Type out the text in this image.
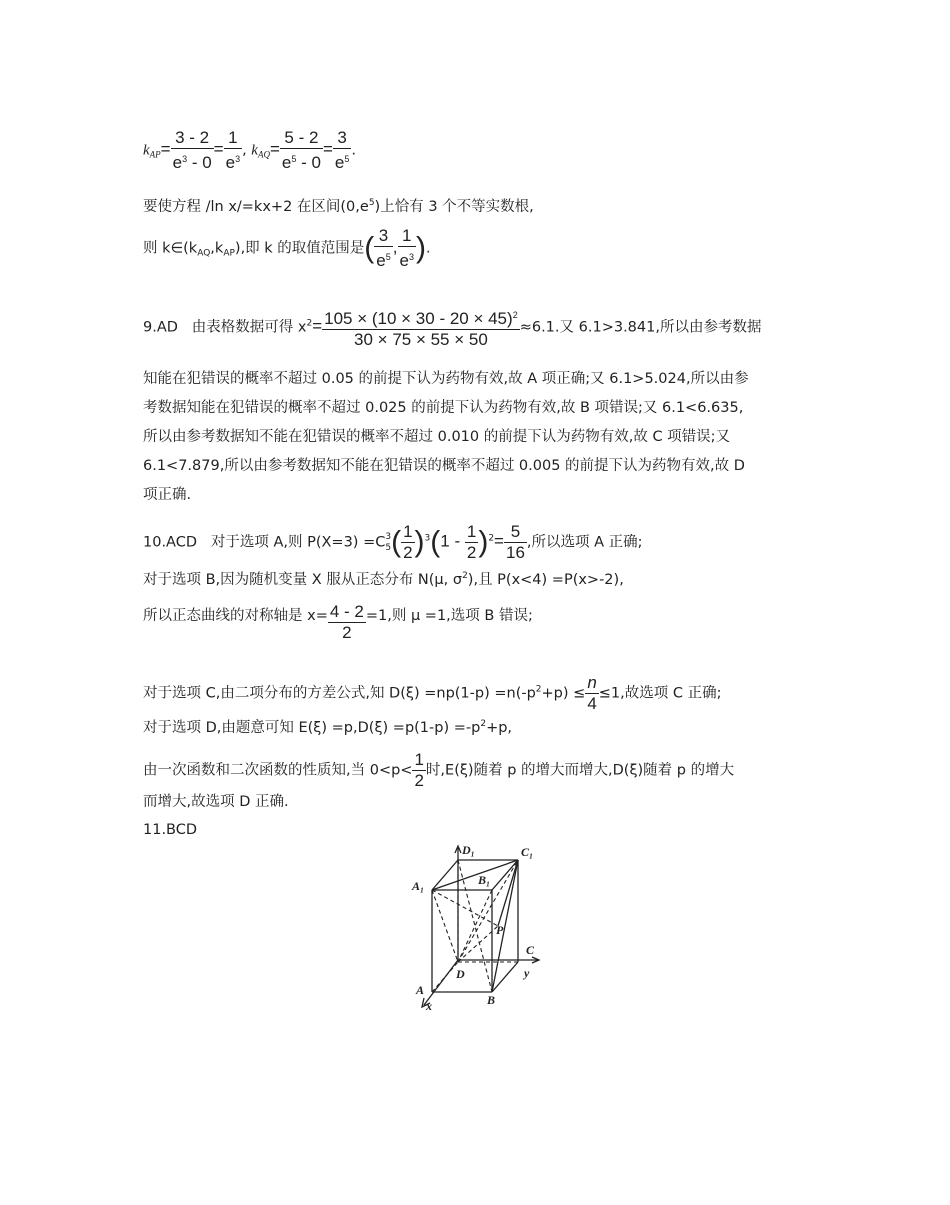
$k_{AP}= \frac{3 - 2}{e^3 - 0} = \frac{1}{e^3}$ , $k_{AQ}= \frac{5 - 2}{e^5 - 0} = \frac{3}{e^5}$ .
要使方程 /ln x/=kx+2 在区间$(0,e^5)$上恰有 3 个不等实数根,
则 $k\in(k_{AQ},k_{AP})$,即 k 的取值范围是( $\frac{3}{e^5}$ , $\frac{1}{e^3}$ ).
9.AD 由表格数据可得 $x^2= \frac{105 \times (10 \times 30 - 20 \times 45)^2}{30 \times 75 \times 55 \times 50} \approx 6.1$.又 6.1>3.841,所以由参考数据
知能在犯错误的概率不超过 0.05 的前提下认为药物有效,故 A 项正确;又 6.1>5.024,所以由参
考数据知能在犯错误的概率不超过 0.025 的前提下认为药物有效,故 B 项错误;又 6.1<6.635,
所以由参考数据知不能在犯错误的概率不超过 0.010 的前提下认为药物有效,故 C 项错误;又
6.1<7.879,所以由参考数据知不能在犯错误的概率不超过 0.005 的前提下认为药物有效,故 D
项正确.
10.ACD 对于选项 A,则 P(X=3) =C 3
5 ( $\frac{1}{2} )^3(1 - \frac{1}{2} )^2= \frac{5}{16}$ ,所以选项 A 正确;
对于选项 B,因为随机变量 X 服从正态分布 N(μ, $\sigma^2$),且 P(x<4) =P(x>-2),
所以正态曲线的对称轴是 $x= \frac{4 - 2}{2} =1$,则 μ =1,选项 B 错误;
对于选项 C,由二项分布的方差公式,知 $D(\xi) =np(1-p) =n(-p^2+p) \le \frac{n}{4} \le 1$,故选项 C 正确;
对于选项 D,由题意可知 $E(\xi) =p,D(\xi) =p(1-p) =-p^2+p$,
由一次函数和二次函数的性质知,当 $0<p< \frac{1}{2}$ 时,E(ξ)随着 p 的增大而增大,D(ξ)随着 p 的增大
而增大,故选项 D 正确.
11.BCD
D₁	C₁
A₁	B₁
P
C
D	y
A
B
x
